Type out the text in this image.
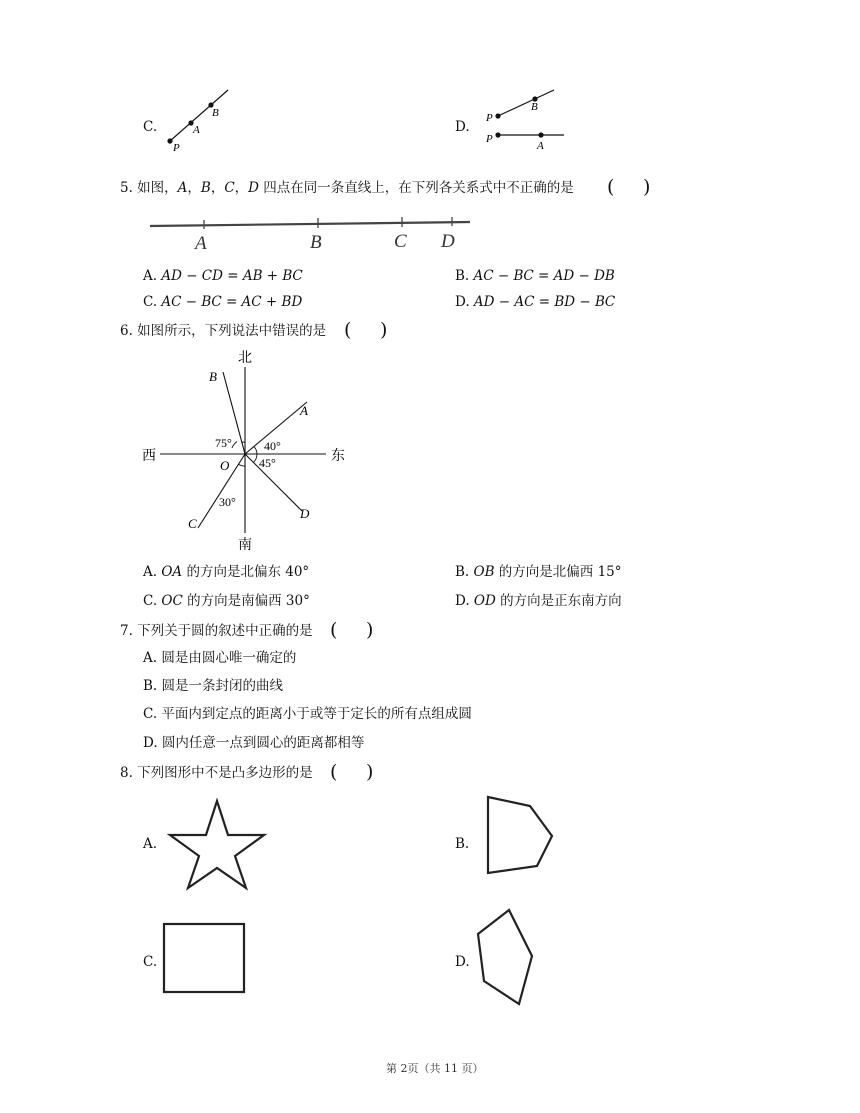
C.
P
A
B
D.
P
B
P
A
5. 如图，𝐴，𝐵，𝐶，𝐷 四点在同一条直线上，在下列各关系式中不正确的是 ( )
A	B	C D
A. 𝐴𝐷 − 𝐶𝐷 = 𝐴𝐵 + 𝐵𝐶	B. 𝐴𝐶 − 𝐵𝐶 = 𝐴𝐷 − 𝐷𝐵
C. 𝐴𝐶 − 𝐵𝐶 = 𝐴𝐶 + 𝐵𝐷	D. 𝐴𝐷 − 𝐴𝐶 = 𝐵𝐷 − 𝐵𝐶
6. 如图所示，下列说法中错误的是 ( )
北
南
西	东
O
A
B
C
D
75°	40°
45°
30°
A. 𝑂𝐴 的方向是北偏东 40°	B. 𝑂𝐵 的方向是北偏西 15°
C. 𝑂𝐶 的方向是南偏西 30°	D. 𝑂𝐷 的方向是正东南方向
7. 下列关于圆的叙述中正确的是 ( )
A. 圆是由圆心唯一确定的
B. 圆是一条封闭的曲线
C. 平面内到定点的距离小于或等于定长的所有点组成圆
D. 圆内任意一点到圆心的距离都相等
8. 下列图形中不是凸多边形的是 ( )
A.	B.
C.	D.
第 2页（共 11 页）
